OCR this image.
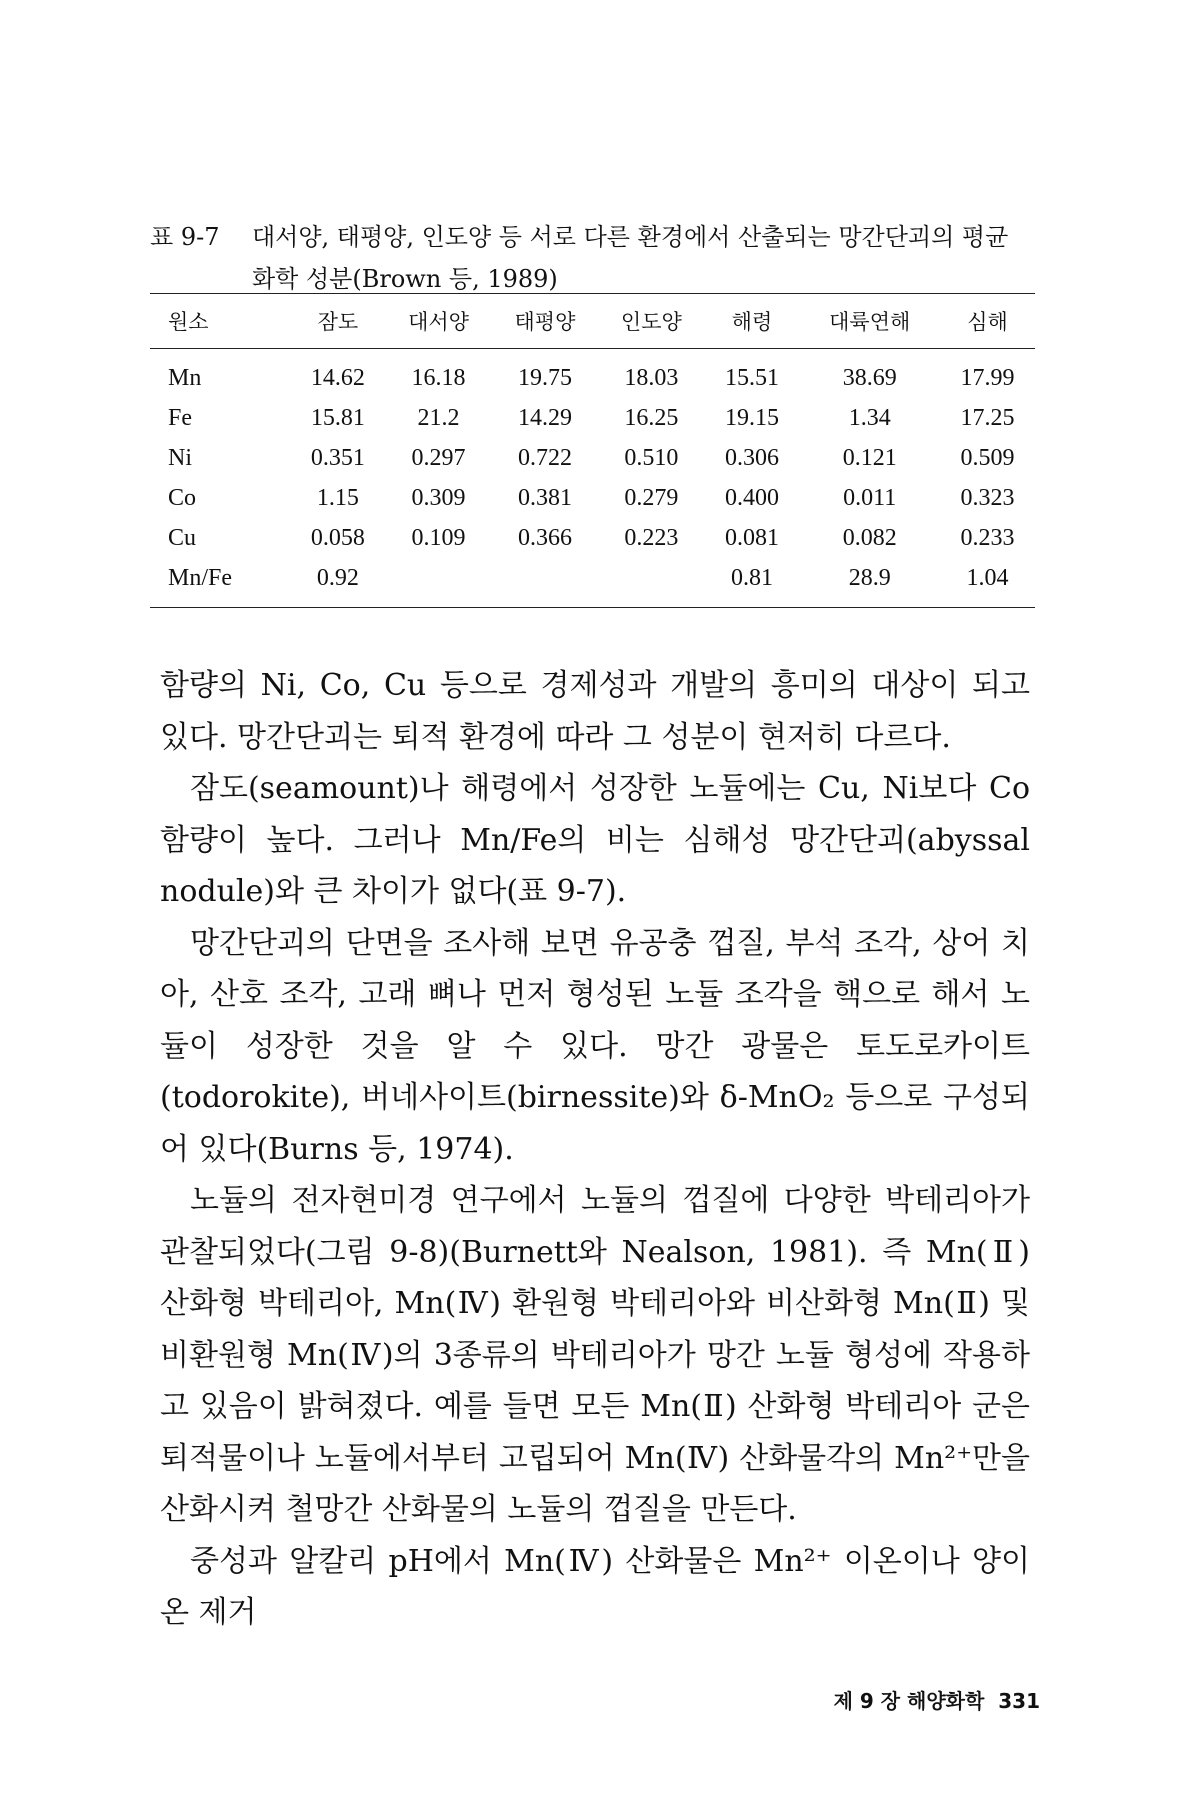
표 9-7 대서양, 태평양, 인도양 등 서로 다른 환경에서 산출되는 망간단괴의 평균
화학 성분(Brown 등, 1989)
원소	잠도	대서양	태평양	인도양	해령	대륙연해	심해
Mn	14.62	16.18	19.75	18.03	15.51	38.69	17.99
Fe	15.81	21.2	14.29	16.25	19.15	1.34	17.25
Ni	0.351	0.297	0.722	0.510	0.306	0.121	0.509
Co	1.15	0.309	0.381	0.279	0.400	0.011	0.323
Cu	0.058	0.109	0.366	0.223	0.081	0.082	0.233
Mn/Fe	0.92				0.81	28.9	1.04

함량의 Ni, Co, Cu 등으로 경제성과 개발의 흥미의 대상이 되고 있다. 망간단괴는 퇴적 환경에 따라 그 성분이 현저히 다르다.

잠도(seamount)나 해령에서 성장한 노듈에는 Cu, Ni보다 Co 함량이 높다. 그러나 Mn/Fe의 비는 심해성 망간단괴(abyssal nodule)와 큰 차이가 없다(표 9-7).

망간단괴의 단면을 조사해 보면 유공충 껍질, 부석 조각, 상어 치아, 산호 조각, 고래 뼈나 먼저 형성된 노듈 조각을 핵으로 해서 노듈이 성장한 것을 알 수 있다. 망간 광물은 토도로카이트(todorokite), 버네사이트(birnessite)와 δ-MnO₂ 등으로 구성되어 있다(Burns 등, 1974).

노듈의 전자현미경 연구에서 노듈의 껍질에 다양한 박테리아가 관찰되었다(그림 9-8)(Burnett와 Nealson, 1981). 즉 Mn(Ⅱ) 산화형 박테리아, Mn(Ⅳ) 환원형 박테리아와 비산화형 Mn(Ⅱ) 및 비환원형 Mn(Ⅳ)의 3종류의 박테리아가 망간 노듈 형성에 작용하고 있음이 밝혀졌다. 예를 들면 모든 Mn(Ⅱ) 산화형 박테리아 군은 퇴적물이나 노듈에서부터 고립되어 Mn(Ⅳ) 산화물각의 Mn²⁺만을 산화시켜 철망간 산화물의 노듈의 껍질을 만든다.

중성과 알칼리 pH에서 Mn(Ⅳ) 산화물은 Mn²⁺ 이온이나 양이온 제거

제 9 장 해양화학 331
